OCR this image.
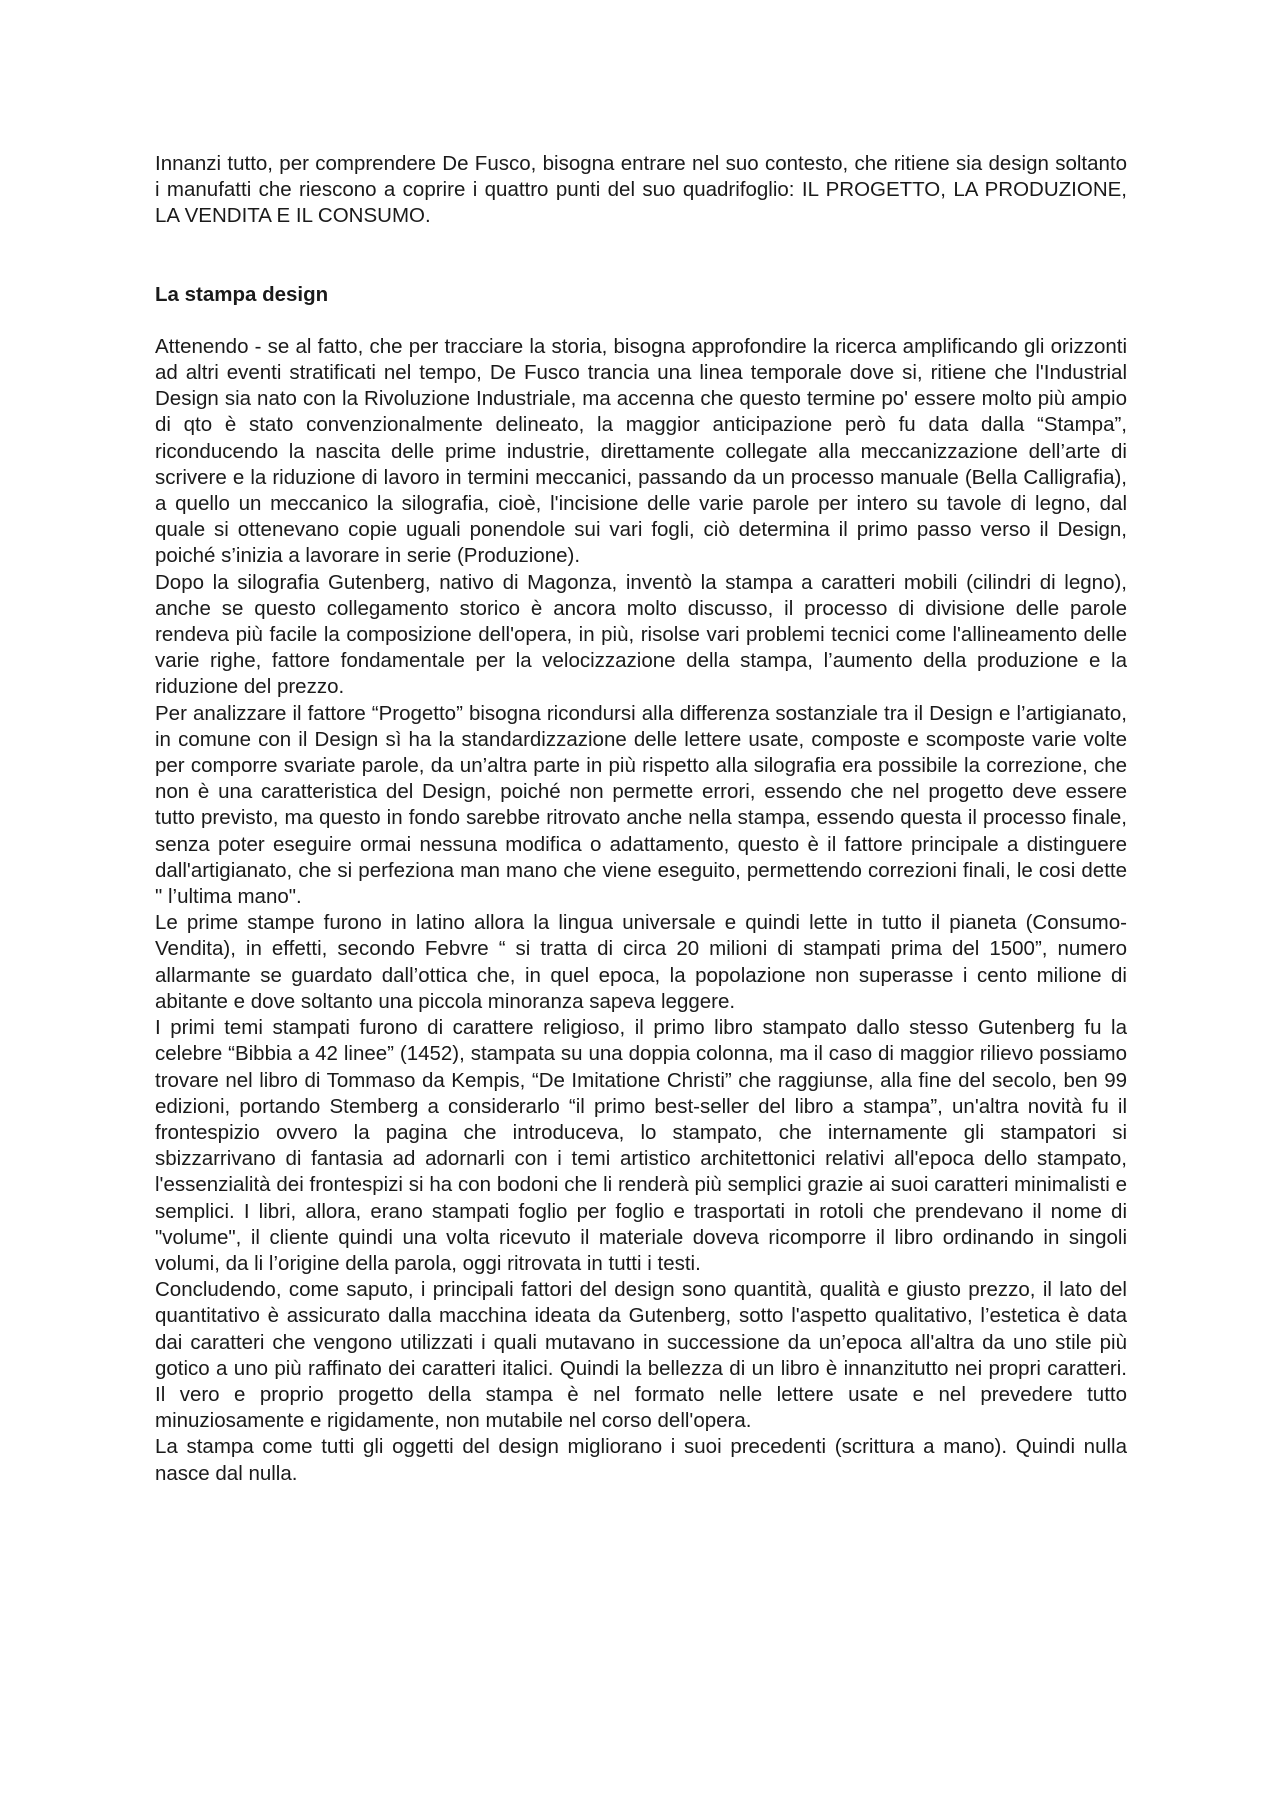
Innanzi tutto, per comprendere De Fusco, bisogna entrare nel suo contesto, che ritiene sia design soltanto i manufatti che riescono a coprire i quattro punti del suo quadrifoglio: IL PROGETTO, LA PRODUZIONE, LA VENDITA E IL CONSUMO.

La stampa design

Attenendo - se al fatto, che per tracciare la storia, bisogna approfondire la ricerca amplificando gli orizzonti ad altri eventi stratificati nel tempo, De Fusco trancia una linea temporale dove si, ritiene che l'Industrial Design sia nato con la Rivoluzione Industriale, ma accenna che questo termine po' essere molto più ampio di qto è stato convenzionalmente delineato, la maggior anticipazione però fu data dalla “Stampa”, riconducendo la nascita delle prime industrie, direttamente collegate alla meccanizzazione dell’arte di scrivere e la riduzione di lavoro in termini meccanici, passando da un processo manuale (Bella Calligrafia), a quello un meccanico la silografia, cioè, l'incisione delle varie parole per intero su tavole di legno, dal quale si ottenevano copie uguali ponendole sui vari fogli, ciò determina il primo passo verso il Design, poiché s’inizia a lavorare in serie (Produzione).

Dopo la silografia Gutenberg, nativo di Magonza, inventò la stampa a caratteri mobili (cilindri di legno), anche se questo collegamento storico è ancora molto discusso, il processo di divisione delle parole rendeva più facile la composizione dell'opera, in più, risolse vari problemi tecnici come l'allineamento delle varie righe, fattore fondamentale per la velocizzazione della stampa, l’aumento della produzione e la riduzione del prezzo.

Per analizzare il fattore “Progetto” bisogna ricondursi alla differenza sostanziale tra il Design e l’artigianato, in comune con il Design sì ha la standardizzazione delle lettere usate, composte e scomposte varie volte per comporre svariate parole, da un’altra parte in più rispetto alla silografia era possibile la correzione, che non è una caratteristica del Design, poiché non permette errori, essendo che nel progetto deve essere tutto previsto, ma questo in fondo sarebbe ritrovato anche nella stampa, essendo questa il processo finale, senza poter eseguire ormai nessuna modifica o adattamento, questo è il fattore principale a distinguere dall'artigianato, che si perfeziona man mano che viene eseguito, permettendo correzioni finali, le cosi dette " l’ultima mano".

Le prime stampe furono in latino allora la lingua universale e quindi lette in tutto il pianeta (Consumo-Vendita), in effetti, secondo Febvre “ si tratta di circa 20 milioni di stampati prima del 1500”, numero allarmante se guardato dall’ottica che, in quel epoca, la popolazione non superasse i cento milione di abitante e dove soltanto una piccola minoranza sapeva leggere.

I primi temi stampati furono di carattere religioso, il primo libro stampato dallo stesso Gutenberg fu la celebre “Bibbia a 42 linee” (1452), stampata su una doppia colonna, ma il caso di maggior rilievo possiamo trovare nel libro di Tommaso da Kempis, “De Imitatione Christi” che raggiunse, alla fine del secolo, ben 99 edizioni, portando Stemberg a considerarlo “il primo best-seller del libro a stampa”, un'altra novità fu il frontespizio ovvero la pagina che introduceva, lo stampato, che internamente gli stampatori si sbizzarrivano di fantasia ad adornarli con i temi artistico architettonici relativi all'epoca dello stampato, l'essenzialità dei frontespizi si ha con bodoni che li renderà più semplici grazie ai suoi caratteri minimalisti e semplici. I libri, allora, erano stampati foglio per foglio e trasportati in rotoli che prendevano il nome di "volume", il cliente quindi una volta ricevuto il materiale doveva ricomporre il libro ordinando in singoli volumi, da li l’origine della parola, oggi ritrovata in tutti i testi.

Concludendo, come saputo, i principali fattori del design sono quantità, qualità e giusto prezzo, il lato del quantitativo è assicurato dalla macchina ideata da Gutenberg, sotto l'aspetto qualitativo, l’estetica è data dai caratteri che vengono utilizzati i quali mutavano in successione da un’epoca all'altra da uno stile più gotico a uno più raffinato dei caratteri italici. Quindi la bellezza di un libro è innanzitutto nei propri caratteri. Il vero e proprio progetto della stampa è nel formato nelle lettere usate e nel prevedere tutto minuziosamente e rigidamente, non mutabile nel corso dell'opera.

La stampa come tutti gli oggetti del design migliorano i suoi precedenti (scrittura a mano). Quindi nulla nasce dal nulla.
